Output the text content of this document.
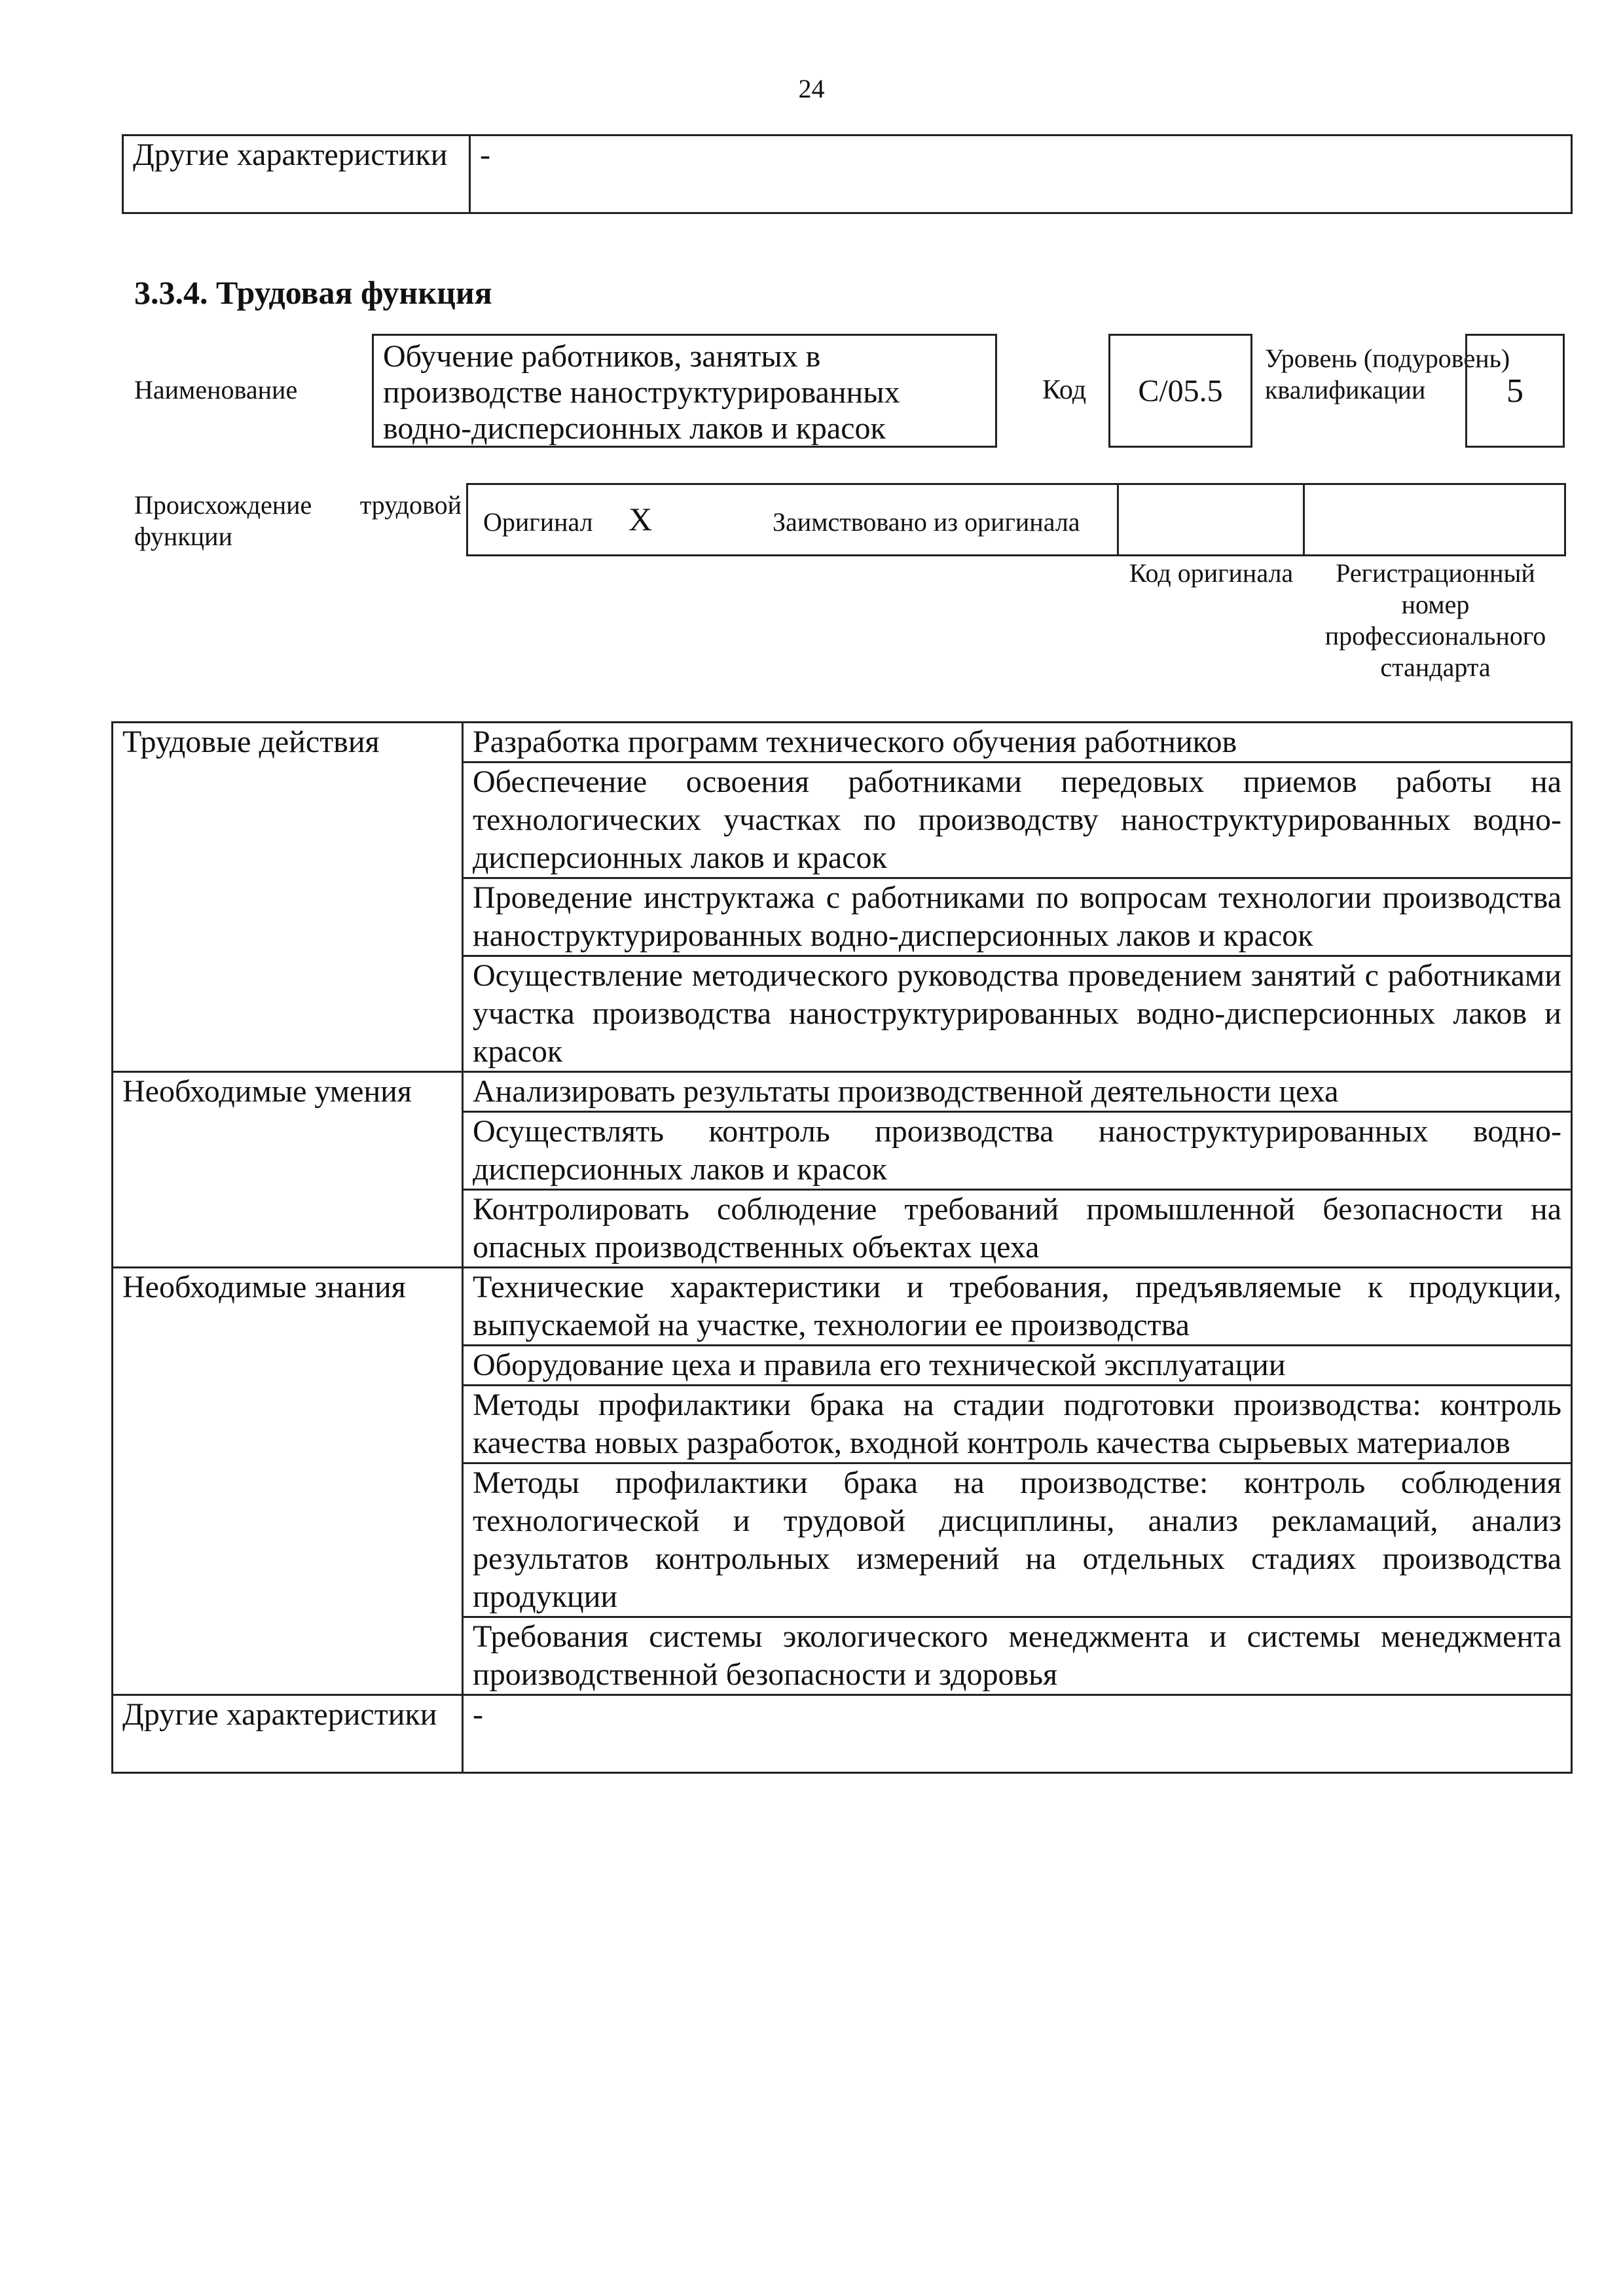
24
Другие характеристики	-
3.3.4. Трудовая функция
Наименование
Обучение работников, занятых в производстве наноструктурированных водно-дисперсионных лаков и красок
Код	С/05.5
Уровень (подуровень) квалификации	5
Происхождение трудовой функции	Оригинал X	Заимствовано из оригинала
Код оригинала	Регистрационный номер профессионального стандарта
Трудовые действия	Разработка программ технического обучения работников
	Обеспечение освоения работниками передовых приемов работы на технологических участках по производству наноструктурированных водно-дисперсионных лаков и красок
	Проведение инструктажа с работниками по вопросам технологии производства наноструктурированных водно-дисперсионных лаков и красок
	Осуществление методического руководства проведением занятий с работниками участка производства наноструктурированных водно-дисперсионных лаков и красок
Необходимые умения	Анализировать результаты производственной деятельности цеха
	Осуществлять контроль производства наноструктурированных водно-дисперсионных лаков и красок
	Контролировать соблюдение требований промышленной безопасности на опасных производственных объектах цеха
Необходимые знания	Технические характеристики и требования, предъявляемые к продукции, выпускаемой на участке, технологии ее производства
	Оборудование цеха и правила его технической эксплуатации
	Методы профилактики брака на стадии подготовки производства: контроль качества новых разработок, входной контроль качества сырьевых материалов
	Методы профилактики брака на производстве: контроль соблюдения технологической и трудовой дисциплины, анализ рекламаций, анализ результатов контрольных измерений на отдельных стадиях производства продукции
	Требования системы экологического менеджмента и системы менеджмента производственной безопасности и здоровья
Другие характеристики	-
